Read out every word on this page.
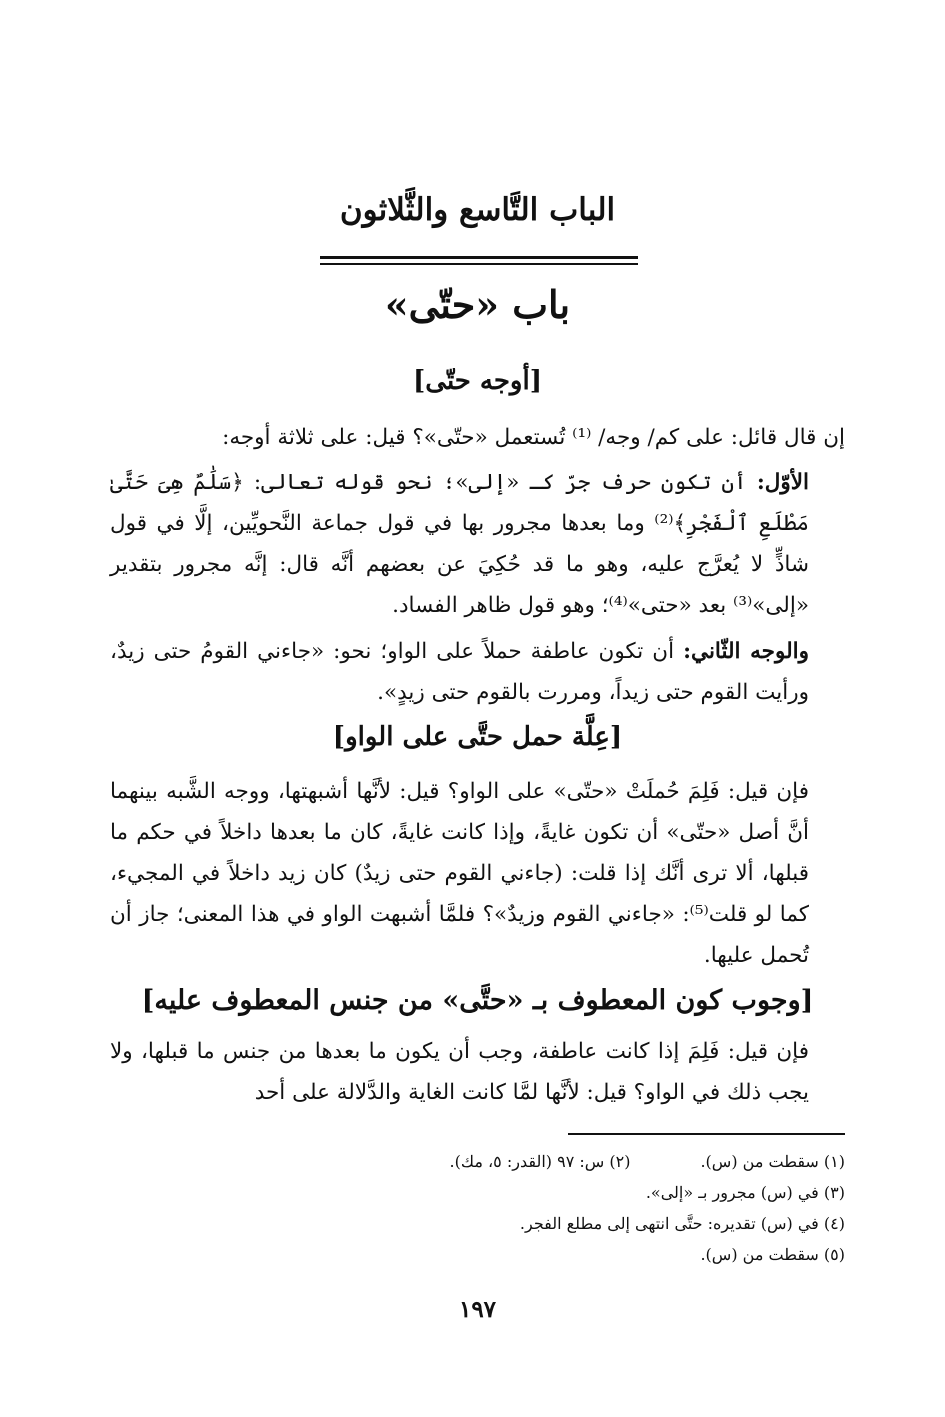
الباب التَّاسع والثَّلاثون
باب «حتّى»
[أوجه حتّى]

إن قال قائل: على كم/ وجه/ ⁽¹⁾ تُستعمل «حتّى»؟ قيل: على ثلاثة أوجه:

الأوّل: أن تكون حرف جرّ كـ «إلى»؛ نحو قوله تعالى: ﴿سَلَٰمٌ هِىَ حَتَّىٰ مَطْلَعِ ٱلْفَجْرِ﴾⁽²⁾ وما بعدها مجرور بها في قول جماعة النَّحويِّين، إلَّا في قول شاذٍّ لا يُعرَّج عليه، وهو ما قد حُكِيَ عن بعضهم أنَّه قال: إنَّه مجرور بتقدير «إلى»⁽³⁾ بعد «حتى»⁽⁴⁾؛ وهو قول ظاهر الفساد.

والوجه الثّاني: أن تكون عاطفة حملاً على الواو؛ نحو: «جاءني القومُ حتى زيدٌ، ورأيت القوم حتى زيداً، ومررت بالقوم حتى زيدٍ».

[عِلَّة حمل حتَّى على الواو]

فإن قيل: فَلِمَ حُملَتْ «حتّى» على الواو؟ قيل: لأنَّها أشبهتها، ووجه الشَّبه بينهما أنَّ أصل «حتّى» أن تكون غايةً، وإذا كانت غايةً، كان ما بعدها داخلاً في حكم ما قبلها، ألا ترى أنَّك إذا قلت: (جاءني القوم حتى زيدٌ) كان زيد داخلاً في المجيء، كما لو قلت⁽⁵⁾: «جاءني القوم وزيدٌ»؟ فلمَّا أشبهت الواو في هذا المعنى؛ جاز أن تُحمل عليها.

[وجوب كون المعطوف بـ «حتَّى» من جنس المعطوف عليه]

فإن قيل: فَلِمَ إذا كانت عاطفة، وجب أن يكون ما بعدها من جنس ما قبلها، ولا يجب ذلك في الواو؟ قيل: لأنَّها لمَّا كانت الغاية والدَّلالة على أحد

(١) سقطت من (س).
(٢) س: ٩٧ (القدر: ٥، مك).
(٣) في (س) مجرور بـ «إلى».
(٤) في (س) تقديره: حتَّى انتهى إلى مطلع الفجر.
(٥) سقطت من (س).
١٩٧
